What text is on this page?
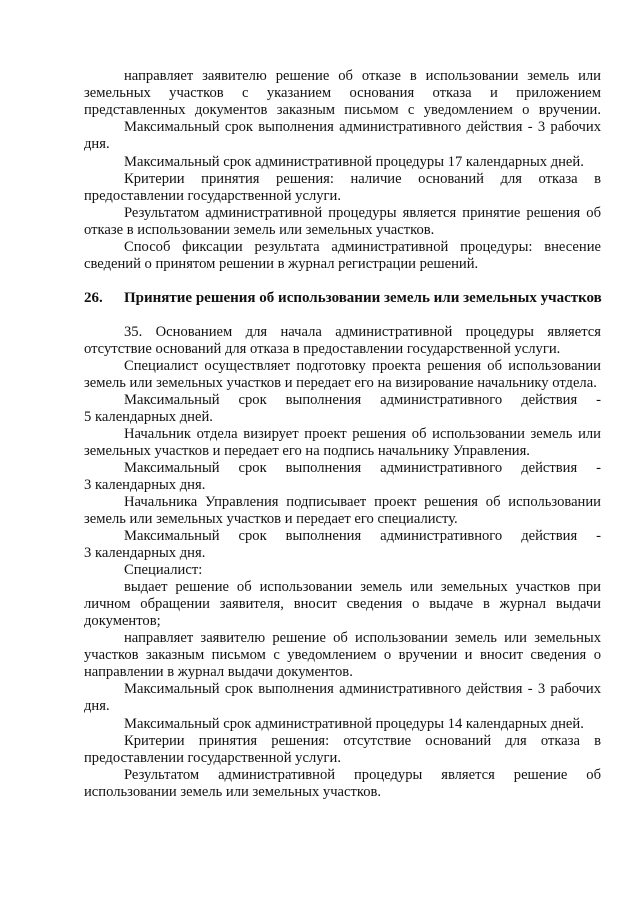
направляет заявителю решение об отказе в использовании земель или
земельных участков с указанием основания отказа и приложением
представленных документов заказным письмом с уведомлением о вручении.
Максимальный срок выполнения административного действия - 3 рабочих
дня.
Максимальный срок административной процедуры 17 календарных дней.
Критерии принятия решения: наличие оснований для отказа в
предоставлении государственной услуги.
Результатом административной процедуры является принятие решения об
отказе в использовании земель или земельных участков.
Способ фиксации результата административной процедуры: внесение
сведений о принятом решении в журнал регистрации решений.
26. Принятие решения об использовании земель или земельных участков
35. Основанием для начала административной процедуры является
отсутствие оснований для отказа в предоставлении государственной услуги.
Специалист осуществляет подготовку проекта решения об использовании
земель или земельных участков и передает его на визирование начальнику отдела.
Максимальный срок выполнения административного действия -
5 календарных дней.
Начальник отдела визирует проект решения об использовании земель или
земельных участков и передает его на подпись начальнику Управления.
Максимальный срок выполнения административного действия -
3 календарных дня.
Начальника Управления подписывает проект решения об использовании
земель или земельных участков и передает его специалисту.
Максимальный срок выполнения административного действия -
3 календарных дня.
Специалист:
выдает решение об использовании земель или земельных участков при
личном обращении заявителя, вносит сведения о выдаче в журнал выдачи
документов;
направляет заявителю решение об использовании земель или земельных
участков заказным письмом с уведомлением о вручении и вносит сведения о
направлении в журнал выдачи документов.
Максимальный срок выполнения административного действия - 3 рабочих
дня.
Максимальный срок административной процедуры 14 календарных дней.
Критерии принятия решения: отсутствие оснований для отказа в
предоставлении государственной услуги.
Результатом административной процедуры является решение об
использовании земель или земельных участков.
